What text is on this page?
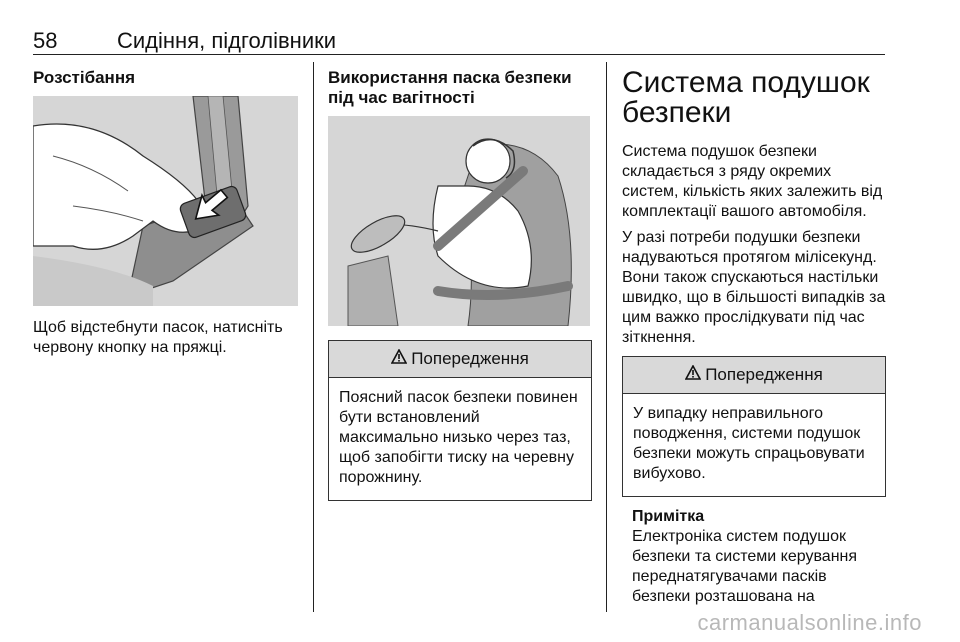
58	Сидіння, підголівники
Розстібання

Щоб відстебнути пасок, натисніть червону кнопку на пряжці.

Використання паска безпеки під час вагітності
Попередження
Поясний пасок безпеки повинен бути встановлений максимально низько через таз, щоб запобігти тиску на черевну порожнину.
Система подушок безпеки

Система подушок безпеки складається з ряду окремих систем, кількість яких залежить від комплектації вашого автомобіля.

У разі потреби подушки безпеки надуваються протягом мілісекунд. Вони також спускаються настільки швидко, що в більшості випадків за цим важко прослідкувати під час зіткнення.

Попередження
У випадку неправильного поводження, системи подушок безпеки можуть спрацьовувати вибухово.
Примітка

Електроніка систем подушок безпеки та системи керування переднатягувачами пасків безпеки розташована на

carmanualsonline.info
